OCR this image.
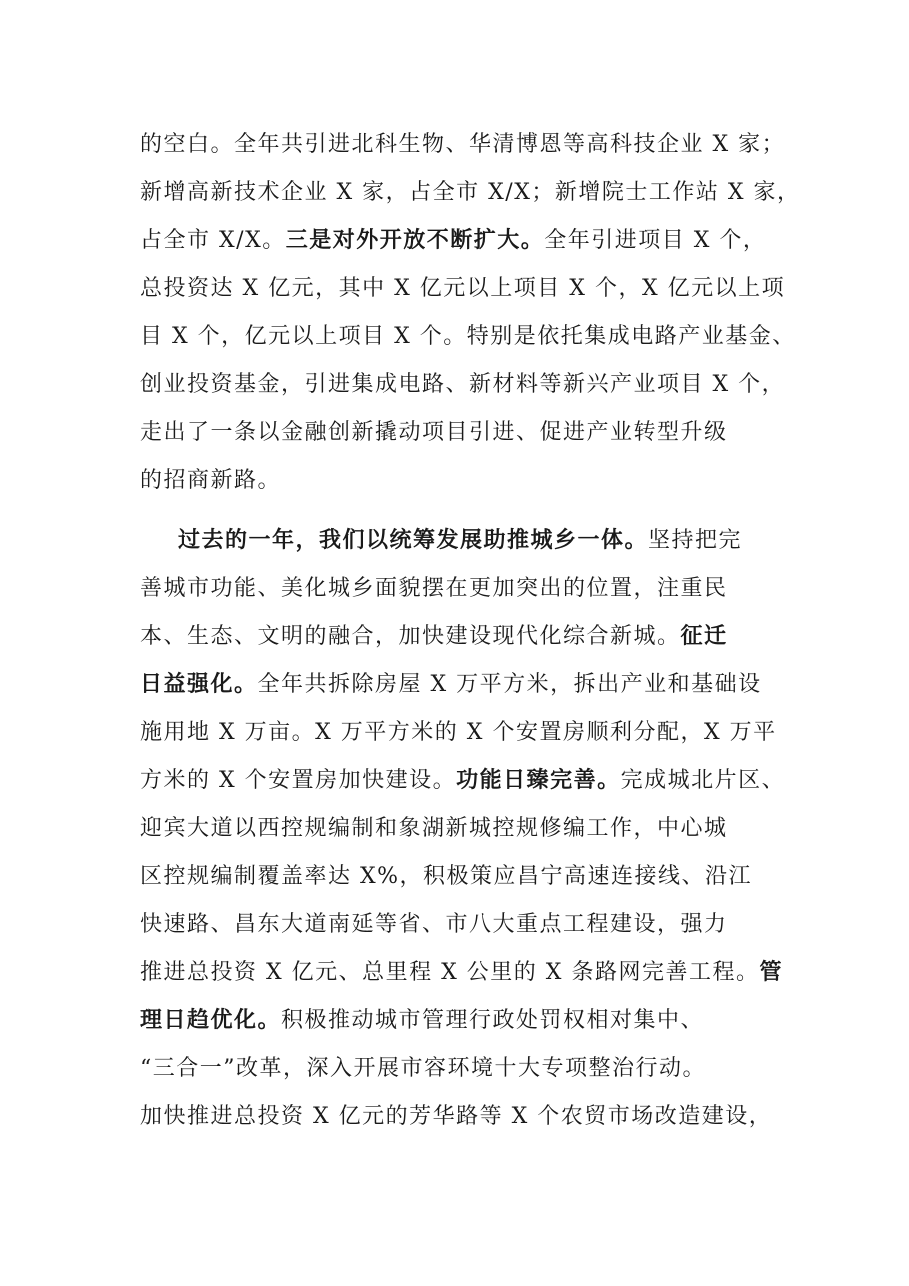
的空白。全年共引进北科生物、华清博恩等高科技企业 X 家；
新增高新技术企业 X 家，占全市 X/X；新增院士工作站 X 家，
占全市 X/X。三是对外开放不断扩大。全年引进项目 X 个，
总投资达 X 亿元，其中 X 亿元以上项目 X 个，X 亿元以上项
目 X 个，亿元以上项目 X 个。特别是依托集成电路产业基金、
创业投资基金，引进集成电路、新材料等新兴产业项目 X 个，
走出了一条以金融创新撬动项目引进、促进产业转型升级
的招商新路。
过去的一年，我们以统筹发展助推城乡一体。坚持把完
善城市功能、美化城乡面貌摆在更加突出的位置，注重民
本、生态、文明的融合，加快建设现代化综合新城。征迁
日益强化。全年共拆除房屋 X 万平方米，拆出产业和基础设
施用地 X 万亩。X 万平方米的 X 个安置房顺利分配，X 万平
方米的 X 个安置房加快建设。功能日臻完善。完成城北片区、
迎宾大道以西控规编制和象湖新城控规修编工作，中心城
区控规编制覆盖率达 X%，积极策应昌宁高速连接线、沿江
快速路、昌东大道南延等省、市八大重点工程建设，强力
推进总投资 X 亿元、总里程 X 公里的 X 条路网完善工程。管
理日趋优化。积极推动城市管理行政处罚权相对集中、
“三合一”改革，深入开展市容环境十大专项整治行动。
加快推进总投资 X 亿元的芳华路等 X 个农贸市场改造建设，
